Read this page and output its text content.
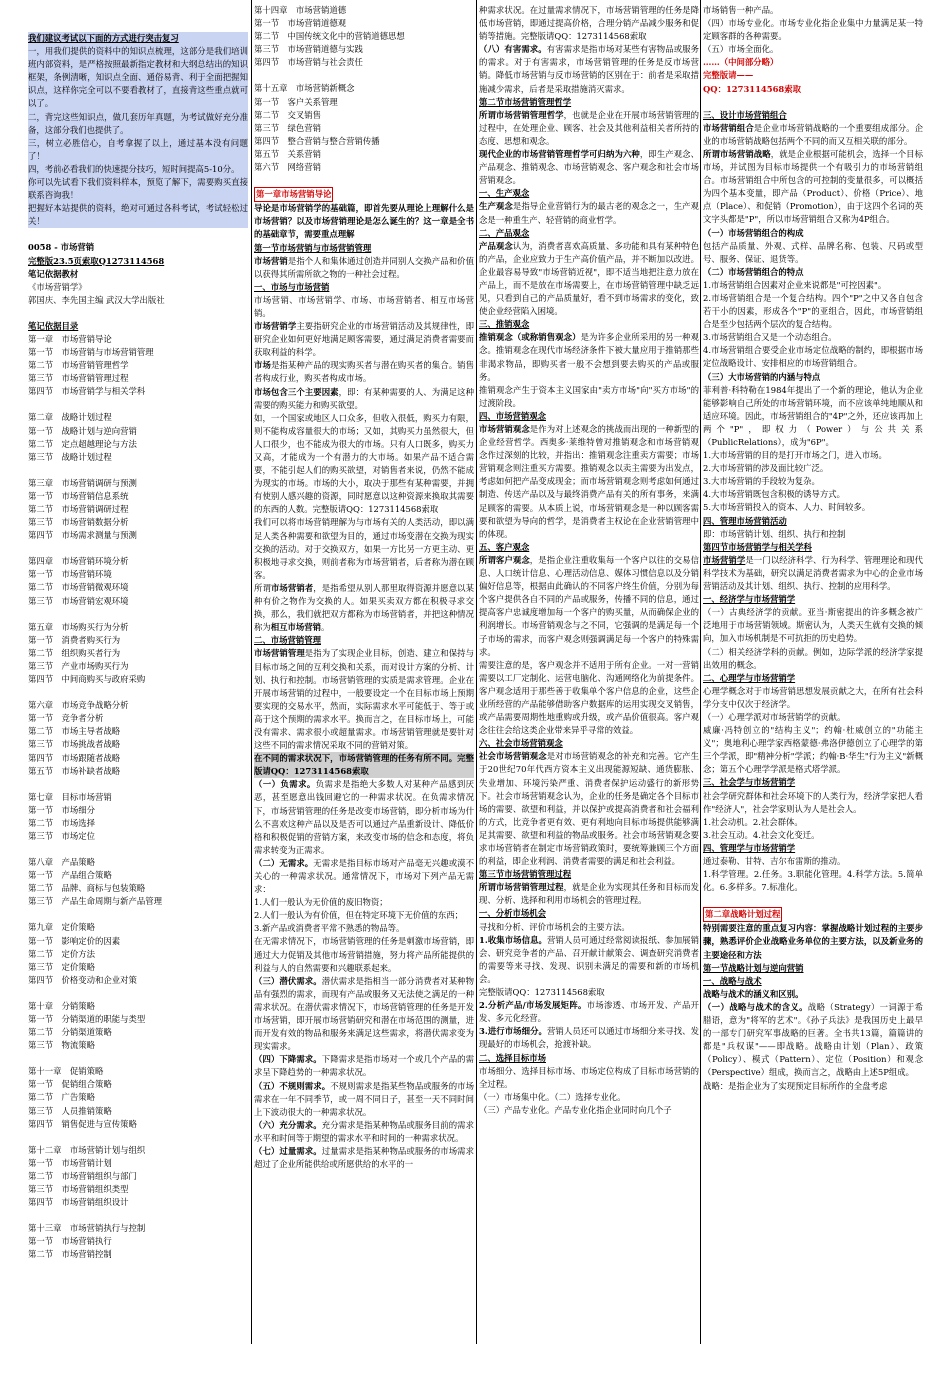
我们建议考试以下面的方式进行突击复习

一，用我们提供的资料中的知识点梳理，这部分是我们培训班内部资料，是严格按照最新指定教材和大纲总结出的知识框架，条例清晰，知识点全面、通俗易背、利于全面把握知识点，这样你完全可以不要看教材了，直接背这些重点就可以了。

二，背完这些知识点，做几套历年真题，为考试做好充分准备，这部分我们也提供了。

三，树立必胜信心，自考拿握了以上，通过基本没有问题了！

四，考前必看我们的快速提分技巧，短时间提高5-10分。

你可以先试看下我们资料样本，预览了解下，需要购买直接联系咨询我！

把握好本站提供的资料，绝对可通过各科考试，考试轻松过关！

0058 - 市场营销
完整版23.5页索取Q1273114568
笔记依据教材
《市场营销学》
郭国庆、李先国主编 武汉大学出版社
笔记依据目录
第一章　市场营销导论
第一节　市场营销与市场营销管理
第二节　市场营销管理哲学
第三节　市场营销管理过程
第四节　市场营销学与相关学科
第二章　战略计划过程
第一节　战略计划与逆向营销
第二节　定点超越理论与方法
第三节　战略计划过程
第三章　市场营销调研与预测
第一节　市场营销信息系统
第二节　市场营销调研过程
第三节　市场营销数据分析
第四节　市场需求测量与预测
第四章　市场营销环境分析
第一节　市场营销环境
第二节　市场营销微观环境
第三节　市场营销宏观环境
第五章　市场购买行为分析
第一节　消费者购买行为
第二节　组织购买者行为
第三节　产业市场购买行为
第四节　中间商购买与政府采购
第六章　市场竞争战略分析
第一节　竞争者分析
第二节　市场主导者战略
第三节　市场挑战者战略
第四节　市场跟随者战略
第五节　市场补缺者战略
第七章　目标市场营销
第一节　市场细分
第二节　市场选择
第三节　市场定位
第八章　产品策略
第一节　产品组合策略
第二节　品牌、商标与包装策略
第三节　产品生命周期与新产品管理
第九章　定价策略
第一节　影响定价的因素
第二节　定价方法
第三节　定价策略
第四节　价格变动和企业对策
第十章　分销策略
第一节　分销渠道的职能与类型
第二节　分销渠道策略
第三节　物流策略
第十一章　促销策略
第一节　促销组合策略
第二节　广告策略
第三节　人员推销策略
第四节　销售促进与宣传策略
第十二章　市场营销计划与组织
第一节　市场营销计划
第二节　市场营销组织与部门
第三节　市场营销组织类型
第四节　市场营销组织设计
第十三章　市场营销执行与控制
第一节　市场营销执行
第二节　市场营销控制
第十四章　市场营销道德
第一节　市场营销道德观
第二节　中国传统文化中的营销道德思想
第三节　市场营销道德与实践
第四节　市场营销与社会责任
第十五章　市场营销新概念
第一节　客户关系管理
第二节　交叉销售
第三节　绿色营销
第四节　整合营销与整合营销传播
第五节　关系营销
第六节　网络营销
第一章市场营销导论

导论是市场营销学的基础篇，即首先要从理论上理解什么是市场营销？以及市场营销理论是怎么诞生的？这一章是全书的基础章节，需要重点理解

第一节市场营销与市场营销管理

市场营销是指个人和集体通过创造并同别人交换产品和价值以获得其所需所欲之物的一种社会过程。

一、市场与市场营销

市场营销、市场营销学、市场、市场营销者、相互市场营销。

市场营销学主要指研究企业的市场营销活动及其规律性，即研究企业如何更好地满足顾客需要，通过满足消费者需要而获取利益的科学。

市场是指某种产品的现实购买者与潜在购买者的集合。销售者构成行业，购买者构成市场。

市场包含三个主要因素，即：有某种需要的人、为满足这种需要的购买能力和购买欲望。

如，一个国家或地区人口众多，但收入很低，购买力有限，则不能构成容量很大的市场；又如，其购买力虽然很大，但人口很少，也不能成为很大的市场。只有人口既多，购买力又高，才能成为一个有潜力的大市场。如果产品不适合需要，不能引起人们的购买欲望，对销售者来说，仍然不能成为现实的市场。市场的大小，取决于那些有某种需要，并拥有使别人感兴趣的资源，同时愿意以这种资源来换取其需要的东西的人数。完整版请QQ：1273114568索取

我们可以将市场营销理解为与市场有关的人类活动，即以满足人类各种需要和欲望为目的，通过市场变潜在交换为现实交换的活动。对于交换双方，如果一方比另一方更主动、更积极地寻求交换，则前者称为市场营销者，后者称为潜在顾客。

所谓市场营销者，是指希望从别人那里取得资源并愿意以某种有价之物作为交换的人。如果买卖双方都在积极寻求交换，那么，我们就把双方都称为市场营销者，并把这种情况称为相互市场营销。

二、市场营销管理

市场营销管理是指为了实现企业目标，创造、建立和保持与目标市场之间的互利交换和关系，而对设计方案的分析、计划、执行和控制。市场营销管理的实质是需求管理。企业在开展市场营销的过程中，一般要设定一个在目标市场上预期要实现的交易水平，然而，实际需求水平可能低于、等于或高于这个预期的需求水平。换而言之，在目标市场上，可能没有需求、需求很小或超量需求。市场营销管理就是要针对这些不同的需求情况采取不同的营销对策。

在不同的需求状况下，市场营销管理的任务有所不同。完整版请QQ：1273114568索取

（一）负需求。负需求是指绝大多数人对某种产品感到厌恶，甚至愿意出钱回避它的一种需求状况。在负需求情况下，市场营销管理的任务是改变市场营销，即分析市场为什么不喜欢这种产品以及是否可以通过产品重新设计、降低价格和积极促销的营销方案，来改变市场的信念和态度，将负需求转变为正需求。

（二）无需求。无需求是指目标市场对产品毫无兴趣或漠不关心的一种需求状况。通常情况下，市场对下列产品无需求：

1.人们一般认为无价值的废旧物资；

2.人们一般认为有价值，但在特定环境下无价值的东西；

3.新产品或消费者平常不熟悉的物品等。

在无需求情况下，市场营销管理的任务是刺激市场营销，即通过大力促销及其他市场营销措施，努力将产品所能提供的利益与人的自然需要和兴趣联系起来。

（三）潜伏需求。潜伏需求是指相当一部分消费者对某种物品有强烈的需求，而现有产品或服务又无法使之满足的一种需求状况。在潜伏需求情况下，市场营销管理的任务是开发市场营销，即开展市场营销研究和潜在市场范围的测量，进而开发有效的物品和服务来满足这些需求，将潜伏需求变为现实需求。

（四）下降需求。下降需求是指市场对一个或几个产品的需求呈下降趋势的一种需求状况。

（五）不规则需求。不规则需求是指某些物品或服务的市场需求在一年不同季节，或一周不同日子，甚至一天不同时间上下波动很大的一种需求状况。

（六）充分需求。充分需求是指某种物品或服务目前的需求水平和时间等于期望的需求水平和时间的一种需求状况。

（七）过量需求。过量需求是指某种物品或服务的市场需求超过了企业所能供给或所愿供给的水平的一

种需求状况。在过量需求情况下，市场营销管理的任务是降低市场营销，即通过提高价格，合理分销产品减少服务和促销等措施。完整版请QQ：1273114568索取

（八）有害需求。有害需求是指市场对某些有害物品或服务的需求。对于有害需求，市场营销管理的任务是反市场营销。降低市场营销与反市场营销的区别在于：前者是采取措施减少需求，后者是采取措施消灭需求。

第二节市场营销管理哲学

所谓市场营销管理哲学，也就是企业在开展市场营销管理的过程中，在处理企业、顾客、社会及其他利益相关者所持的态度、思想和观念。

现代企业的市场营销管理哲学可归纳为六种，即生产观念、产品观念、推销观念、市场营销观念、客户观念和社会市场营销观念。

一、生产观念

生产观念是指导企业营销行为的最古老的观念之一，生产观念是一种重生产、轻营销的商业哲学。

二、产品观念

产品观念认为，消费者喜欢高质量、多功能和具有某种特色的产品，企业应致力于生产高价值产品，并不断加以改进。企业最容易导致"市场营销近视"，即不适当地把注意力放在产品上，而不是放在市场需要上，在市场营销管理中缺乏远见，只看到自己的产品质量好，看不到市场需求的变化，致使企业经营陷入困境。

三、推销观念

推销观念（或称销售观念）是为许多企业所采用的另一种观念。推销观念在现代市场经济条件下被大量应用于推销那些非渴求物品，即购买者一般不会想到要去购买的产品或服务。

推销观念产生于资本主义国家由"卖方市场"向"买方市场"的过渡阶段。

四、市场营销观念

市场营销观念是作为对上述观念的挑战而出现的一种新型的企业经营哲学。西奥多·莱维特曾对推销观念和市场营销观念作过深刻的比较，并指出：推销观念注重卖方需要；市场营销观念则注重买方需要。推销观念以卖主需要为出发点，考虑如何把产品变成现金；而市场营销观念则考虑如何通过制造、传送产品以及与最终消费产品有关的所有事务，来满足顾客的需要。从本质上说，市场营销观念是一种以顾客需要和欲望为导向的哲学，是消费者主权论在企业营销管理中的体现。

五、客户观念

所谓客户观念，是指企业注重收集每一个客户以往的交易信息、人口统计信息、心理活动信息、媒体习惯信息以及分销偏好信息等，根据由此确认的不同客户终生价值，分别为每个客户提供各自不同的产品或服务，传播不同的信息，通过提高客户忠诚度增加每一个客户的购买量，从而确保企业的利润增长。市场营销观念与之不同，它强调的是满足每一个子市场的需求，而客户观念则强调满足每一个客户的特殊需求。

需要注意的是，客户观念并不适用于所有企业。一对一营销需要以工厂定制化、运营电脑化、沟通网络化为前提条件。客户观念适用于那些善于收集单个客户信息的企业，这些企业所经营的产品能够借助客户数据库的运用实现交叉销售，或产品需要周期性地重购或升级，或产品价值很高。客户观念往往会给这类企业带来异乎寻常的效益。

六、社会市场营销观念

社会市场营销观念是对市场营销观念的补充和完善。它产生于20世纪70年代西方资本主义出现能源短缺、通货膨胀、失业增加、环境污染严重、消费者保护运动盛行的新形势下。社会市场营销观念认为，企业的任务是确定各个目标市场的需要、欲望和利益，并以保护或提高消费者和社会福利的方式，比竞争者更有效、更有利地向目标市场提供能够满足其需要、欲望和利益的物品或服务。社会市场营销观念要求市场营销者在制定市场营销政策时，要统筹兼顾三个方面的利益，即企业利润、消费者需要的满足和社会利益。

第三节市场营销管理过程

所谓市场营销管理过程，就是企业为实现其任务和目标而发现、分析、选择和利用市场机会的管理过程。

一、分析市场机会

寻找和分析、评价市场机会的主要方法。

1.收集市场信息。营销人员可通过经常阅读报纸、参加展销会、研究竞争者的产品、召开献计献策会、调查研究消费者的需要等来寻找、发现、识别未满足的需要和新的市场机会。

完整版请QQ：1273114568索取

2.分析产品/市场发展矩阵。市场渗透、市场开发、产品开发、多元化经营。

3.进行市场细分。营销人员还可以通过市场细分来寻找、发现最好的市场机会，抢渡补缺。

二、选择目标市场

市场细分、选择目标市场、市场定位构成了目标市场营销的全过程。

（一）市场集中化。（二）选择专业化。

（三）产品专业化。产品专业化指企业同时向几个子

市场销售一种产品。

（四）市场专业化。市场专业化指企业集中力量满足某一特定顾客群的各种需要。

（五）市场全面化。

……（中间部分略）

完整版请——

QQ：1273114568索取

三、设计市场营销组合

市场营销组合是企业市场营销战略的一个重要组成部分。企业的市场营销战略包括两个不同的而又互相关联的部分。

所谓市场营销战略，就是企业根据可能机会，选择一个目标市场，并试图为目标市场提供一个有吸引力的市场营销组合。市场营销组合中所包含的可控制的变量很多，可以概括为四个基本变量，即产品（Product）、价格（Price）、地点（Place）、和促销（Promotion），由于这四个名词的英文字头都是"P"，所以市场营销组合又称为4P组合。

（一）市场营销组合的构成

包括产品质量、外观、式样、品牌名称、包装、尺码或型号、服务、保证、退货等。

（二）市场营销组合的特点

1.市场营销组合因素对企业来说都是"可控因素"。

2.市场营销组合是一个复合结构。四个"P"之中又各自包含若干小的因素，形成各个"P"的亚组合，因此，市场营销组合是至少包括两个层次的复合结构。

3.市场营销组合又是一个动态组合。

4.市场营销组合要受企业市场定位战略的制约，即根据市场定位战略设计、安排相应的市场营销组合。

（三）大市场营销的内涵与特点

菲利普·科特勒在1984年提出了一个新的理论，他认为企业能够影响自己所处的市场营销环境，而不应该单纯地顺从和适应环境。因此，市场营销组合的"4P"之外，还应该再加上两个"P"，即权力（Power）与公共关系（PublicRelations），成为"6P"。

1.大市场营销的目的是打开市场之门，进入市场。

2.大市场营销的涉及面比较广泛。

3.大市场营销的手段较为复杂。

4.大市场营销既包含积极的诱导方式。

5.大市场营销投入的资本、人力、时间较多。

四、管理市场营销活动

即：市场营销计划、组织、执行和控制

第四节市场营销学与相关学科

市场营销学是一门以经济科学、行为科学、管理理论和现代科学技术为基础，研究以满足消费者需求为中心的企业市场营销活动及其计划、组织、执行、控制的应用科学。

一、经济学与市场营销学

（一）古典经济学的贡献。亚当·斯密提出的许多概念被广泛地用于市场营销领域。斯密认为，人类天生就有交换的倾向，加入市场机制是不可抗拒的历史趋势。

（二）相关经济学科的贡献。例如，边际学派的经济学家提出效用的概念。

二、心理学与市场营销学

心理学概念对于市场营销思想发展贡献之大，在所有社会科学分支中仅次于经济学。

（一）心理学派对市场营销学的贡献。

威廉·冯特创立的"结构主义"；约翰·杜威创立的"功能主义"；奥地利心理学家西格蒙德·弗洛伊德创立了心理学的第三个学派，即"精神分析"学派；约翰·B·华生"行为主义"新概念；第五个心理学学派是格式塔学派。

三、社会学与市场营销学

社会学研究群体和社会环境下的人类行为，经济学家把人看作"经济人"，社会学家则认为人是社会人。

1.社会动机。2.社会群体。

3.社会互动。4.社会文化变迁。

四、管理学与市场营销学

通过泰勒、甘特、吉尔布雷斯的推动。

1.科学管理。2.任务。3.职能化管理。4.科学方法。5.简单化。6.多样多。7.标准化。

第二章战略计划过程

特别需要注意的重点复习内容：掌握战略计划过程的主要步骤，熟悉评价企业战略业务单位的主要方法，以及新业务的主要途径和方法

第一节战略计划与逆向营销
一、战略与战术
战略与战术的涵义和区别。

（一）战略与战术的含义。战略（Strategy）一词源于希腊语，意为"将军的艺术"。《孙子兵法》是我国历史上最早的一部专门研究军事战略的巨著。全书共13篇，篇篇讲的都是"兵权谋"——即战略。战略由计划（Plan）、政策（Policy）、模式（Pattern）、定位（Position）和观念（Perspective）组成，换而言之，战略由上述5P组成。

战略：是指企业为了实现预定目标所作的全盘考虑
